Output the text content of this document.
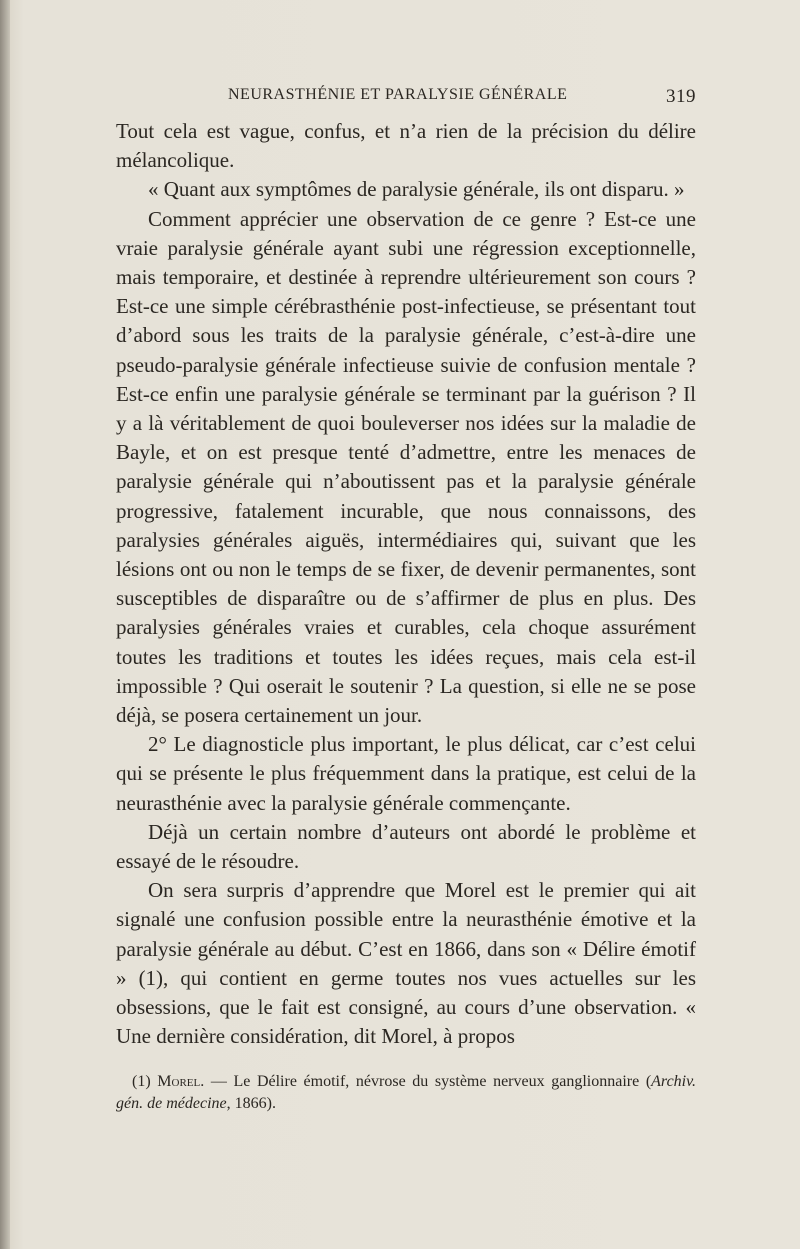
NEURASTHÉNIE ET PARALYSIE GÉNÉRALE	319

Tout cela est vague, confus, et n’a rien de la précision du délire mélancolique.

« Quant aux symptômes de paralysie générale, ils ont disparu. »

Comment apprécier une observation de ce genre ? Est-ce une vraie paralysie générale ayant subi une régression exceptionnelle, mais temporaire, et destinée à reprendre ultérieurement son cours ? Est-ce une simple cérébrasthénie post-infectieuse, se présentant tout d’abord sous les traits de la paralysie générale, c’est-à-dire une pseudo-paralysie générale infectieuse suivie de confusion mentale ? Est-ce enfin une paralysie générale se terminant par la guérison ? Il y a là véritablement de quoi bouleverser nos idées sur la maladie de Bayle, et on est presque tenté d’admettre, entre les menaces de paralysie générale qui n’aboutissent pas et la paralysie générale progressive, fatalement incurable, que nous connaissons, des paralysies générales aiguës, intermédiaires qui, suivant que les lésions ont ou non le temps de se fixer, de devenir permanentes, sont susceptibles de disparaître ou de s’affirmer de plus en plus. Des paralysies générales vraies et curables, cela choque assurément toutes les traditions et toutes les idées reçues, mais cela est-il impossible ? Qui oserait le soutenir ? La question, si elle ne se pose déjà, se posera certainement un jour.

2° Le diagnosticle plus important, le plus délicat, car c’est celui qui se présente le plus fréquemment dans la pratique, est celui de la neurasthénie avec la paralysie générale commençante.

Déjà un certain nombre d’auteurs ont abordé le problème et essayé de le résoudre.

On sera surpris d’apprendre que Morel est le premier qui ait signalé une confusion possible entre la neurasthénie émotive et la paralysie générale au début. C’est en 1866, dans son « Délire émotif » (1), qui contient en germe toutes nos vues actuelles sur les obsessions, que le fait est consigné, au cours d’une observation. « Une dernière considération, dit Morel, à propos

(1) Morel. — Le Délire émotif, névrose du système nerveux ganglionnaire (Archiv. gén. de médecine, 1866).
